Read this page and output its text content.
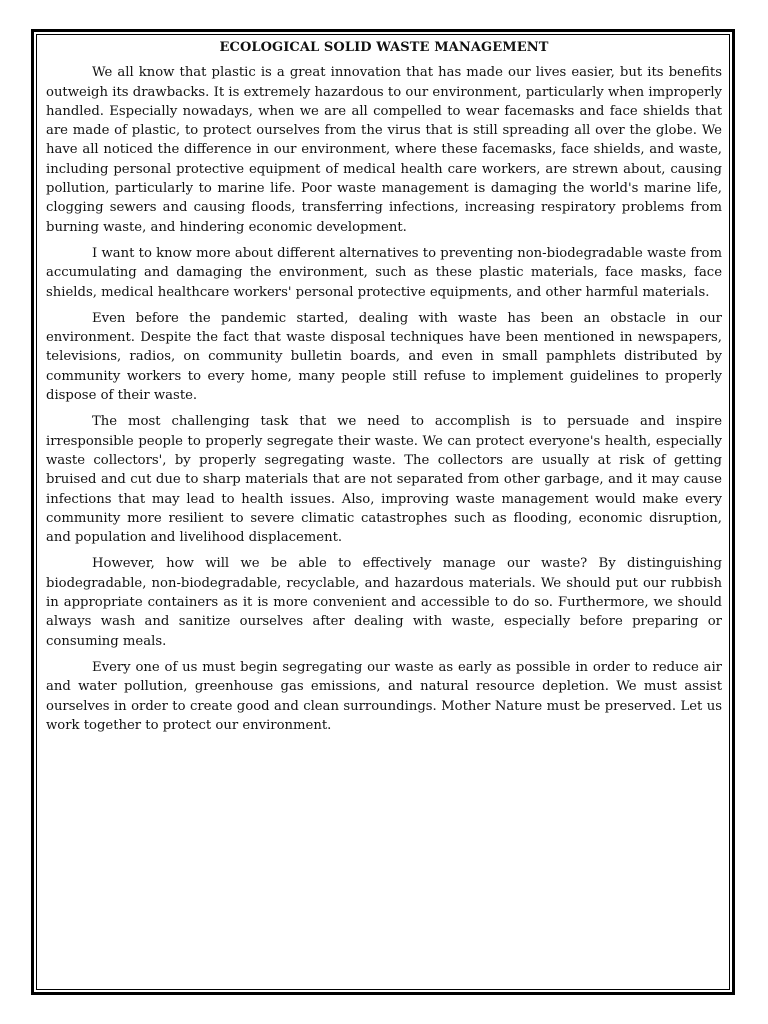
ECOLOGICAL SOLID WASTE MANAGEMENT

We all know that plastic is a great innovation that has made our lives easier, but its benefits outweigh its drawbacks. It is extremely hazardous to our environment, particularly when improperly handled. Especially nowadays, when we are all compelled to wear facemasks and face shields that are made of plastic, to protect ourselves from the virus that is still spreading all over the globe. We have all noticed the difference in our environment, where these facemasks, face shields, and waste, including personal protective equipment of medical health care workers, are strewn about, causing pollution, particularly to marine life. Poor waste management is damaging the world's marine life, clogging sewers and causing floods, transferring infections, increasing respiratory problems from burning waste, and hindering economic development.

I want to know more about different alternatives to preventing non-biodegradable waste from accumulating and damaging the environment, such as these plastic materials, face masks, face shields, medical healthcare workers' personal protective equipments, and other harmful materials.

Even before the pandemic started, dealing with waste has been an obstacle in our environment. Despite the fact that waste disposal techniques have been mentioned in newspapers, televisions, radios, on community bulletin boards, and even in small pamphlets distributed by community workers to every home, many people still refuse to implement guidelines to properly dispose of their waste.

The most challenging task that we need to accomplish is to persuade and inspire irresponsible people to properly segregate their waste. We can protect everyone's health, especially waste collectors', by properly segregating waste. The collectors are usually at risk of getting bruised and cut due to sharp materials that are not separated from other garbage, and it may cause infections that may lead to health issues. Also, improving waste management would make every community more resilient to severe climatic catastrophes such as flooding, economic disruption, and population and livelihood displacement.

However, how will we be able to effectively manage our waste? By distinguishing biodegradable, non-biodegradable, recyclable, and hazardous materials. We should put our rubbish in appropriate containers as it is more convenient and accessible to do so. Furthermore, we should always wash and sanitize ourselves after dealing with waste, especially before preparing or consuming meals.

Every one of us must begin segregating our waste as early as possible in order to reduce air and water pollution, greenhouse gas emissions, and natural resource depletion. We must assist ourselves in order to create good and clean surroundings. Mother Nature must be preserved. Let us work together to protect our environment.
